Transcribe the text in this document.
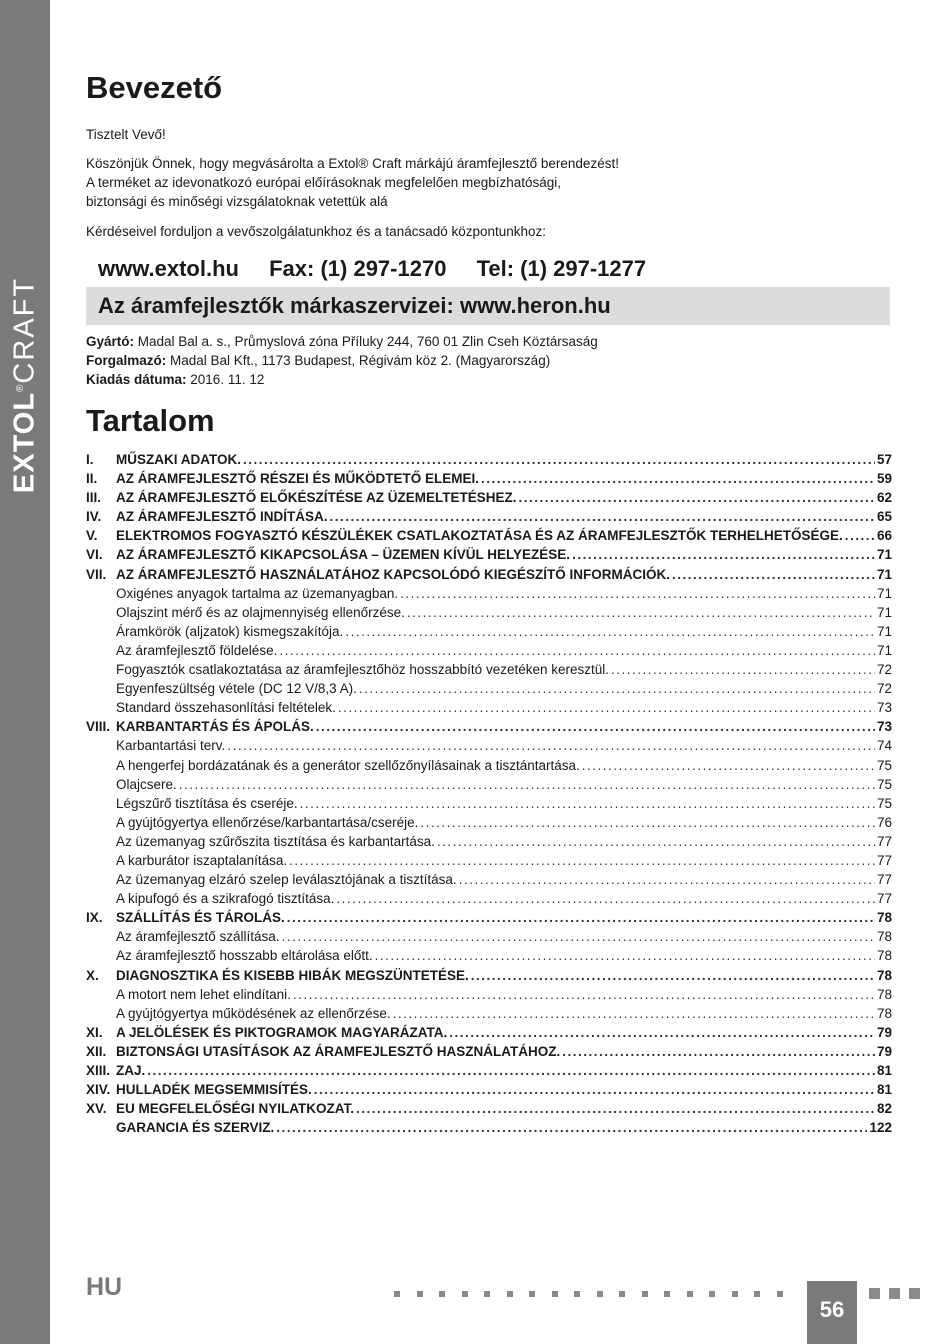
EXTOL®CRAFT
Bevezető
Tisztelt Vevő!
Köszönjük Önnek, hogy megvásárolta a Extol® Craft márkájú áramfejlesztő berendezést!
A terméket az idevonatkozó európai előírásoknak megfelelően megbízhatósági,
biztonsági és minőségi vizsgálatoknak vetettük alá
Kérdéseivel forduljon a vevőszolgálatunkhoz és a tanácsadó központunkhoz:
www.extol.hu Fax: (1) 297-1270 Tel: (1) 297-1277
Az áramfejlesztők márkaszervizei: www.heron.hu
Gyártó: Madal Bal a. s., Průmyslová zóna Příluky 244, 760 01 Zlin Cseh Köztársaság
Forgalmazó: Madal Bal Kft., 1173 Budapest, Régivám köz 2. (Magyarország)
Kiadás dátuma: 2016. 11. 12
Tartalom
I.	MŰSZAKI ADATOK. .....	57
II.	AZ ÁRAMFEJLESZTŐ RÉSZEI ÉS MŰKÖDTETŐ ELEMEI. .....	59
III.	AZ ÁRAMFEJLESZTŐ ELŐKÉSZÍTÉSE AZ ÜZEMELTETÉSHEZ. .....	62
IV.	AZ ÁRAMFEJLESZTŐ INDÍTÁSA. .....	65
V.	ELEKTROMOS FOGYASZTÓ KÉSZÜLÉKEK CSATLAKOZTATÁSA ÉS AZ ÁRAMFEJLESZTŐK TERHELHETŐSÉGE. .....	66
VI. AZ ÁRAMFEJLESZTŐ KIKAPCSOLÁSA – ÜZEMEN KÍVÜL HELYEZÉSE. .....	71
VII. AZ ÁRAMFEJLESZTŐ HASZNÁLATÁHOZ KAPCSOLÓDÓ KIEGÉSZÍTŐ INFORMÁCIÓK. .....	71
Oxigénes anyagok tartalma az üzemanyagban. .....	71
Olajszint mérő és az olajmennyiség ellenőrzése. .....	71
Áramkörök (aljzatok) kismegszakítója. .....	71
Az áramfejlesztő földelése. .....	71
Fogyasztók csatlakoztatása az áramfejlesztőhöz hosszabbító vezetéken keresztül. .....	72
Egyenfeszültség vétele (DC 12 V/8,3 A). .....	72
Standard összehasonlítási feltételek. .....	73
VIII. KARBANTARTÁS ÉS ÁPOLÁS. .....	73
Karbantartási terv. .....	74
A hengerfej bordázatának és a generátor szellőzőnyílásainak a tisztántartása. .....	75
Olajcsere. .....	75
Légszűrő tisztítása és cseréje. .....	75
A gyújtógyertya ellenőrzése/karbantartása/cseréje. .....	76
Az üzemanyag szűrőszita tisztítása és karbantartása. .....	77
A karburátor iszaptalanítása. .....	77
Az üzemanyag elzáró szelep leválasztójának a tisztítása. .....	77
A kipufogó és a szikrafogó tisztítása. .....	77
IX. SZÁLLÍTÁS ÉS TÁROLÁS. .....	78
Az áramfejlesztő szállítása. .....	78
Az áramfejlesztő hosszabb eltárolása előtt. .....	78
X.	DIAGNOSZTIKA ÉS KISEBB HIBÁK MEGSZÜNTETÉSE. .....	78
A motort nem lehet elindítani. .....	78
A gyújtógyertya működésének az ellenőrzése. .....	78
XI. A JELÖLÉSEK ÉS PIKTOGRAMOK MAGYARÁZATA. .....	79
XII. BIZTONSÁGI UTASÍTÁSOK AZ ÁRAMFEJLESZTŐ HASZNÁLATÁHOZ. .....	79
XIII. ZAJ. .....	81
XIV. HULLADÉK MEGSEMMISÍTÉS. .....	81
XV. EU MEGFELELŐSÉGI NYILATKOZAT. .....	82
GARANCIA ÉS SZERVIZ. .....	122
HU
56
